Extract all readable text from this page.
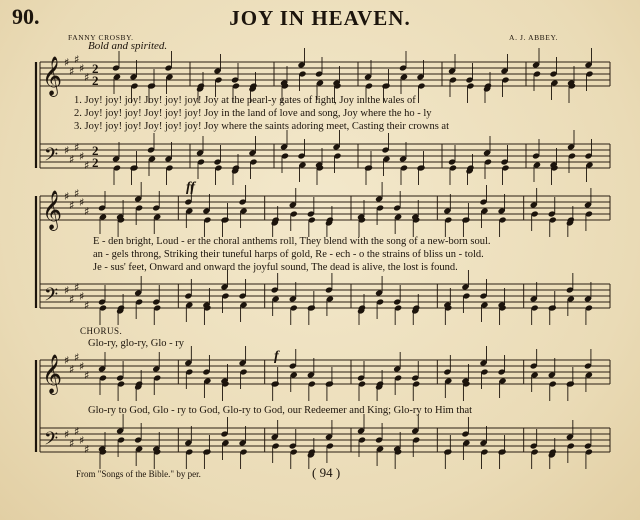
90.	JOY IN HEAVEN.
FANNY CROSBY.	A. J. ABBEY.
Bold and spirited.
𝄞
𝄢
♯
♯
♯
♯
♯
♯
♯
♯
♯
♯
2
2
2
2
𝄞
𝄢
♯
♯
♯
♯
♯
♯
♯
♯
♯
♯
𝄞
𝄢
♯
♯
♯
♯
♯
♯
♯
♯
♯
♯
1. Joy! joy! joy! Joy! joy! joy! Joy at the pearl-y gates of light, Joy in the vales of
2. Joy! joy! joy! Joy! joy! joy! Joy in the land of love and song, Joy where the ho - ly
3. Joy! joy! joy! Joy! joy! joy! Joy where the saints adoring meet, Casting their crowns at
E - den bright, Loud - er the choral anthems roll, They blend with the song of a new-born soul.
an - gels throng, Striking their tuneful harps of gold, Re - ech - o the strains of bliss un - told.
Je - sus' feet, Onward and onward the joyful sound, The dead is alive, the lost is found.
CHORUS.
Glo-ry, glo-ry, Glo - ry
Glo-ry to God, Glo - ry to God, Glo-ry to God, our Redeemer and King; Glo-ry to Him that
ff
f
From "Songs of the Bible." by per.	( 94 )
